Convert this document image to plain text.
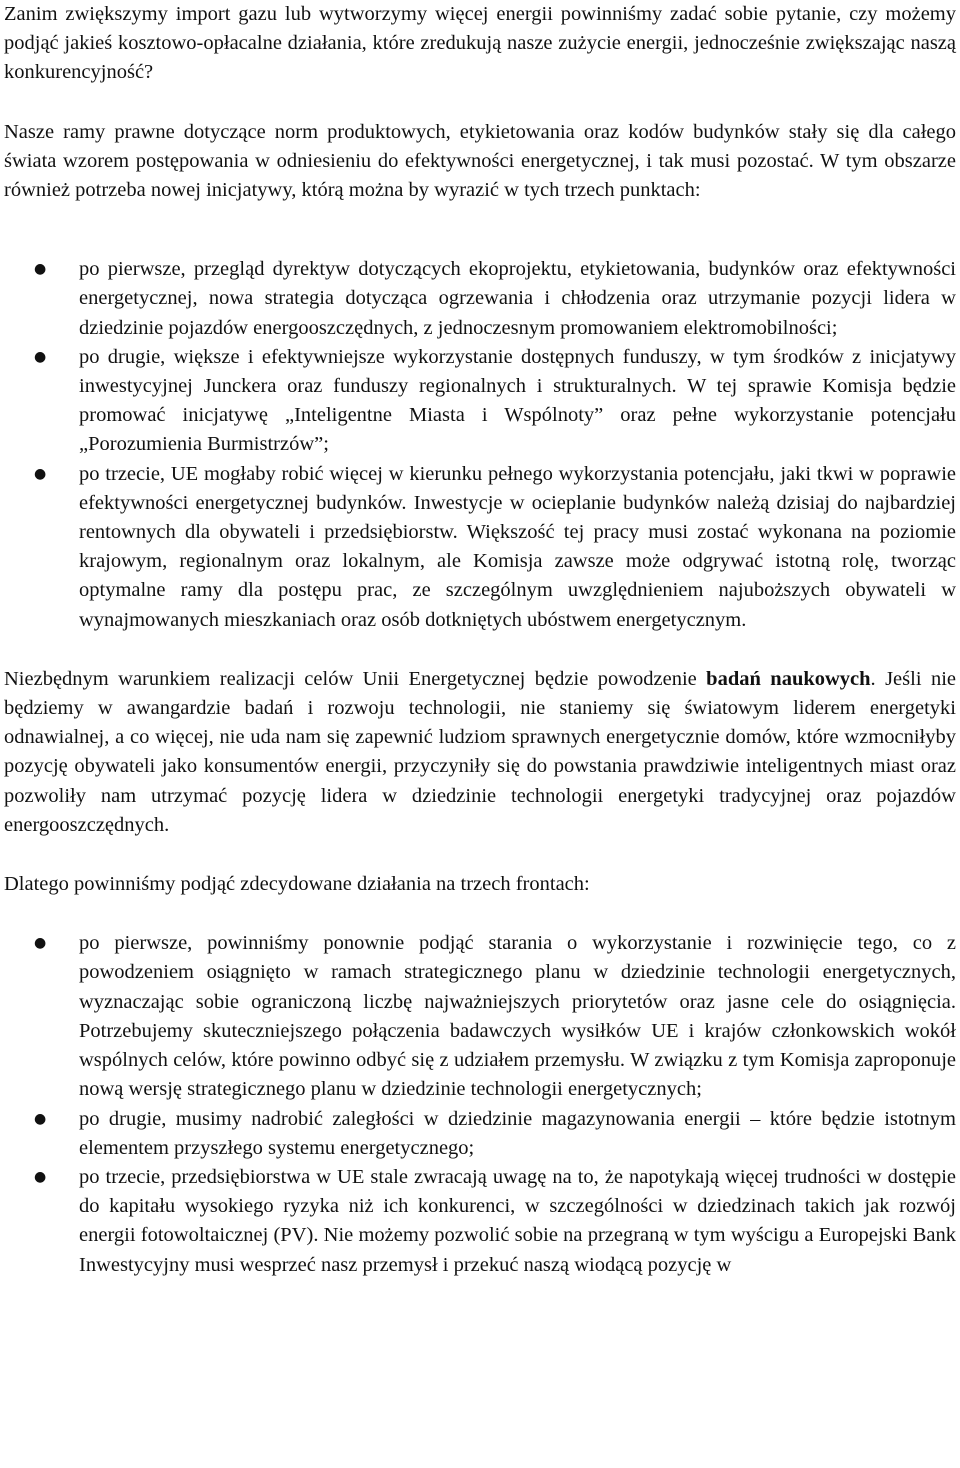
Zanim zwiększymy import gazu lub wytworzymy więcej energii powinniśmy zadać sobie pytanie, czy możemy podjąć jakieś kosztowo-opłacalne działania, które zredukują nasze zużycie energii, jednocześnie zwiększając naszą konkurencyjność?

Nasze ramy prawne dotyczące norm produktowych, etykietowania oraz kodów budynków stały się dla całego świata wzorem postępowania w odniesieniu do efektywności energetycznej, i tak musi pozostać. W tym obszarze również potrzeba nowej inicjatywy, którą można by wyrazić w tych trzech punktach:

● po pierwsze, przegląd dyrektyw dotyczących ekoprojektu, etykietowania, budynków oraz efektywności energetycznej, nowa strategia dotycząca ogrzewania i chłodzenia oraz utrzymanie pozycji lidera w dziedzinie pojazdów energooszczędnych, z jednoczesnym promowaniem elektromobilności;
● po drugie, większe i efektywniejsze wykorzystanie dostępnych funduszy, w tym środków z inicjatywy inwestycyjnej Junckera oraz funduszy regionalnych i strukturalnych. W tej sprawie Komisja będzie promować inicjatywę „Inteligentne Miasta i Wspólnoty” oraz pełne wykorzystanie potencjału „Porozumienia Burmistrzów”;
● po trzecie, UE mogłaby robić więcej w kierunku pełnego wykorzystania potencjału, jaki tkwi w poprawie efektywności energetycznej budynków. Inwestycje w ocieplanie budynków należą dzisiaj do najbardziej rentownych dla obywateli i przedsiębiorstw. Większość tej pracy musi zostać wykonana na poziomie krajowym, regionalnym oraz lokalnym, ale Komisja zawsze może odgrywać istotną rolę, tworząc optymalne ramy dla postępu prac, ze szczególnym uwzględnieniem najuboższych obywateli w wynajmowanych mieszkaniach oraz osób dotkniętych ubóstwem energetycznym.

Niezbędnym warunkiem realizacji celów Unii Energetycznej będzie powodzenie badań naukowych. Jeśli nie będziemy w awangardzie badań i rozwoju technologii, nie staniemy się światowym liderem energetyki odnawialnej, a co więcej, nie uda nam się zapewnić ludziom sprawnych energetycznie domów, które wzmocniłyby pozycję obywateli jako konsumentów energii, przyczyniły się do powstania prawdziwie inteligentnych miast oraz pozwoliły nam utrzymać pozycję lidera w dziedzinie technologii energetyki tradycyjnej oraz pojazdów energooszczędnych.

Dlatego powinniśmy podjąć zdecydowane działania na trzech frontach:

● po pierwsze, powinniśmy ponownie podjąć starania o wykorzystanie i rozwinięcie tego, co z powodzeniem osiągnięto w ramach strategicznego planu w dziedzinie technologii energetycznych, wyznaczając sobie ograniczoną liczbę najważniejszych priorytetów oraz jasne cele do osiągnięcia. Potrzebujemy skuteczniejszego połączenia badawczych wysiłków UE i krajów członkowskich wokół wspólnych celów, które powinno odbyć się z udziałem przemysłu. W związku z tym Komisja zaproponuje nową wersję strategicznego planu w dziedzinie technologii energetycznych;
● po drugie, musimy nadrobić zaległości w dziedzinie magazynowania energii – które będzie istotnym elementem przyszłego systemu energetycznego;
● po trzecie, przedsiębiorstwa w UE stale zwracają uwagę na to, że napotykają więcej trudności w dostępie do kapitału wysokiego ryzyka niż ich konkurenci, w szczególności w dziedzinach takich jak rozwój energii fotowoltaicznej (PV). Nie możemy pozwolić sobie na przegraną w tym wyścigu a Europejski Bank Inwestycyjny musi wesprzeć nasz przemysł i przekuć naszą wiodącą pozycję w
